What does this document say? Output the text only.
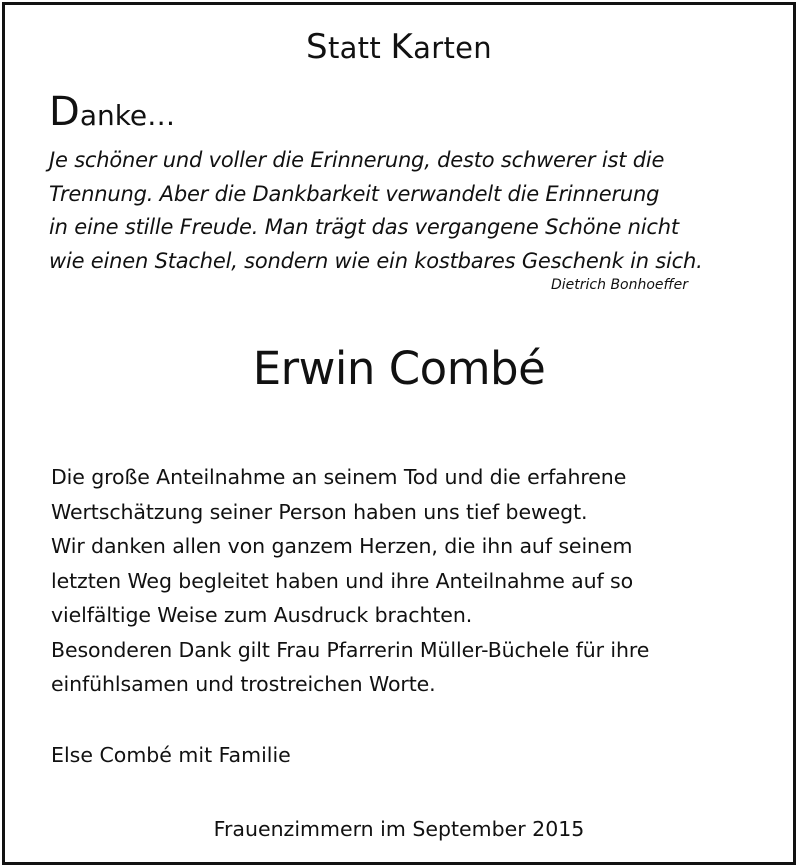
Statt Karten
Danke…

Je schöner und voller die Erinnerung, desto schwerer ist die
Trennung. Aber die Dankbarkeit verwandelt die Erinnerung
in eine stille Freude. Man trägt das vergangene Schöne nicht
wie einen Stachel, sondern wie ein kostbares Geschenk in sich.

Dietrich Bonhoeffer
Erwin Combé

Die große Anteilnahme an seinem Tod und die erfahrene
Wertschätzung seiner Person haben uns tief bewegt.
Wir danken allen von ganzem Herzen, die ihn auf seinem
letzten Weg begleitet haben und ihre Anteilnahme auf so
vielfältige Weise zum Ausdruck brachten.
Besonderen Dank gilt Frau Pfarrerin Müller-Büchele für ihre
einfühlsamen und trostreichen Worte.

Else Combé mit Familie
Frauenzimmern im September 2015
